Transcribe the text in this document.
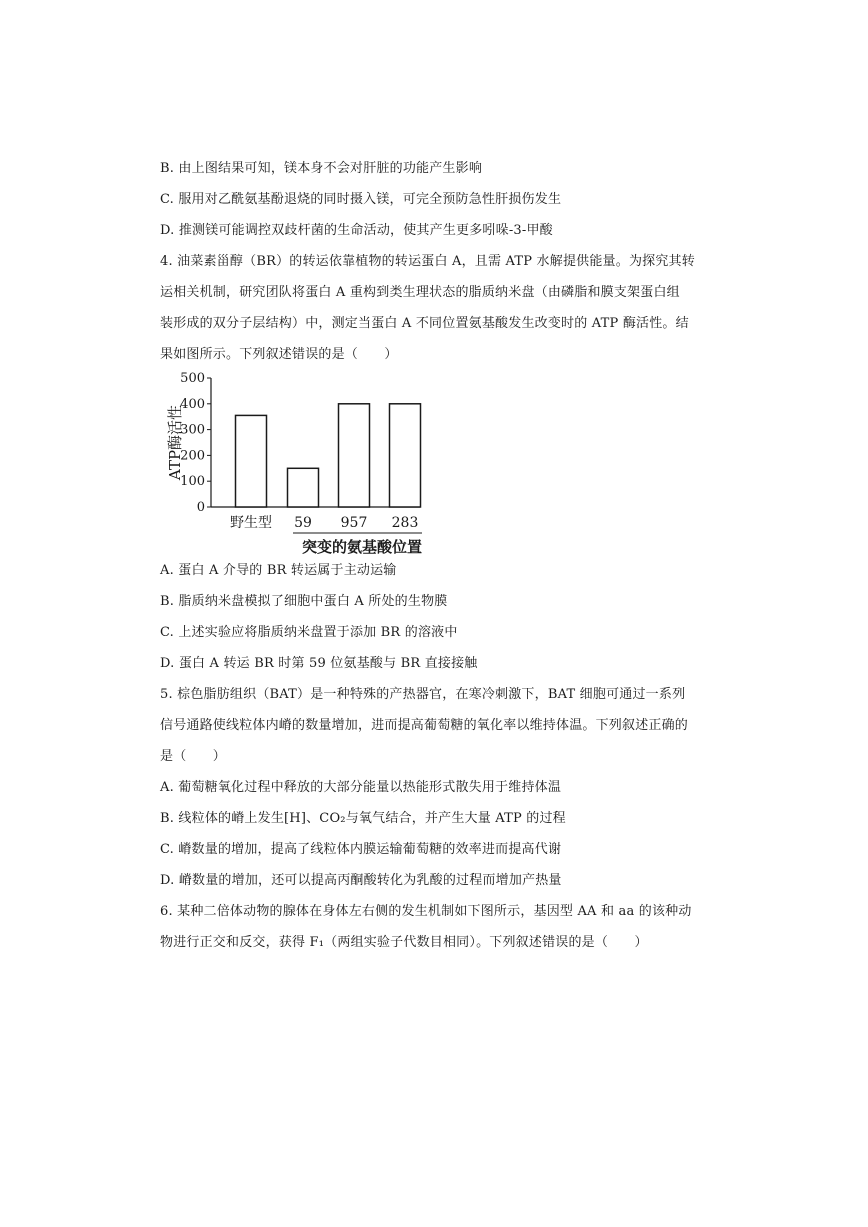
B. 由上图结果可知，镁本身不会对肝脏的功能产生影响
C. 服用对乙酰氨基酚退烧的同时摄入镁，可完全预防急性肝损伤发生
D. 推测镁可能调控双歧杆菌的生命活动，使其产生更多吲哚-3-甲酸
4. 油菜素甾醇（BR）的转运依靠植物的转运蛋白 A，且需 ATP 水解提供能量。为探究其转
运相关机制，研究团队将蛋白 A 重构到类生理状态的脂质纳米盘（由磷脂和膜支架蛋白组
装形成的双分子层结构）中，测定当蛋白 A 不同位置氨基酸发生改变时的 ATP 酶活性。结
果如图所示。下列叙述错误的是（　　）
A. 蛋白 A 介导的 BR 转运属于主动运输
B. 脂质纳米盘模拟了细胞中蛋白 A 所处的生物膜
C. 上述实验应将脂质纳米盘置于添加 BR 的溶液中
D. 蛋白 A 转运 BR 时第 59 位氨基酸与 BR 直接接触
5. 棕色脂肪组织（BAT）是一种特殊的产热器官，在寒冷刺激下，BAT 细胞可通过一系列
信号通路使线粒体内嵴的数量增加，进而提高葡萄糖的氧化率以维持体温。下列叙述正确的
是（　　）
A. 葡萄糖氧化过程中释放的大部分能量以热能形式散失用于维持体温
B. 线粒体的嵴上发生[H]、CO₂与氧气结合，并产生大量 ATP 的过程
C. 嵴数量的增加，提高了线粒体内膜运输葡萄糖的效率进而提高代谢
D. 嵴数量的增加，还可以提高丙酮酸转化为乳酸的过程而增加产热量
6. 某种二倍体动物的腺体在身体左右侧的发生机制如下图所示，基因型 AA 和 aa 的该种动
物进行正交和反交，获得 F₁（两组实验子代数目相同）。下列叙述错误的是（　　）
0
100
200
300
400
500
ATP酶活性
野生型 59 957 283
突变的氨基酸位置
